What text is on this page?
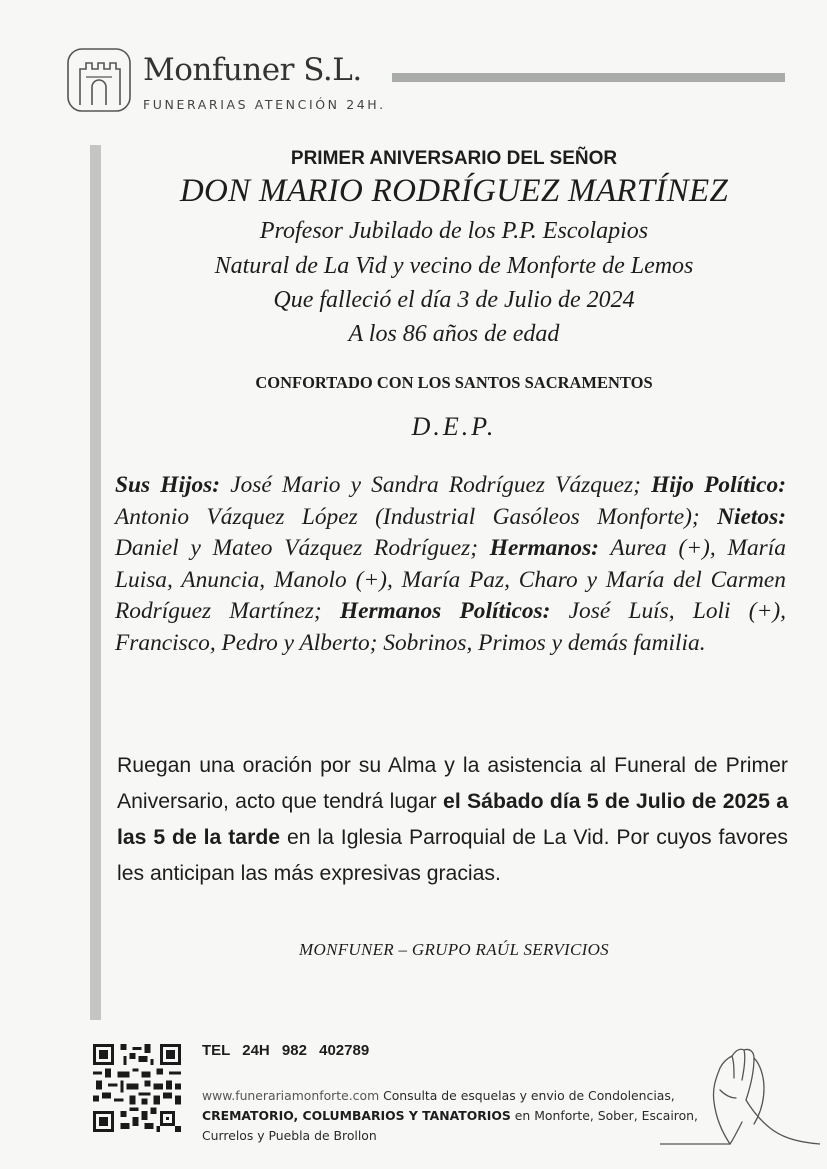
Monfuner S.L.
FUNERARIAS ATENCIÓN 24H.
PRIMER ANIVERSARIO DEL SEÑOR
DON MARIO RODRÍGUEZ MARTÍNEZ
Profesor Jubilado de los P.P. Escolapios
Natural de La Vid y vecino de Monforte de Lemos
Que falleció el día 3 de Julio de 2024
A los 86 años de edad
CONFORTADO CON LOS SANTOS SACRAMENTOS
D.E.P.
Sus Hijos: José Mario y Sandra Rodríguez Vázquez; Hijo Político: Antonio Vázquez López (Industrial Gasóleos Monforte); Nietos: Daniel y Mateo Vázquez Rodríguez; Hermanos: Aurea (+), María Luisa, Anuncia, Manolo (+), María Paz, Charo y María del Carmen Rodríguez Martínez; Hermanos Políticos: José Luís, Loli (+), Francisco, Pedro y Alberto; Sobrinos, Primos y demás familia.
Ruegan una oración por su Alma y la asistencia al Funeral de Primer Aniversario, acto que tendrá lugar el Sábado día 5 de Julio de 2025 a las 5 de la tarde en la Iglesia Parroquial de La Vid. Por cuyos favores les anticipan las más expresivas gracias.
MONFUNER – GRUPO RAÚL SERVICIOS
TEL 24H 982 402789
www.funerariamonforte.com Consulta de esquelas y envio de Condolencias, CREMATORIO, COLUMBARIOS Y TANATORIOS en Monforte, Sober, Escairon, Currelos y Puebla de Brollon
